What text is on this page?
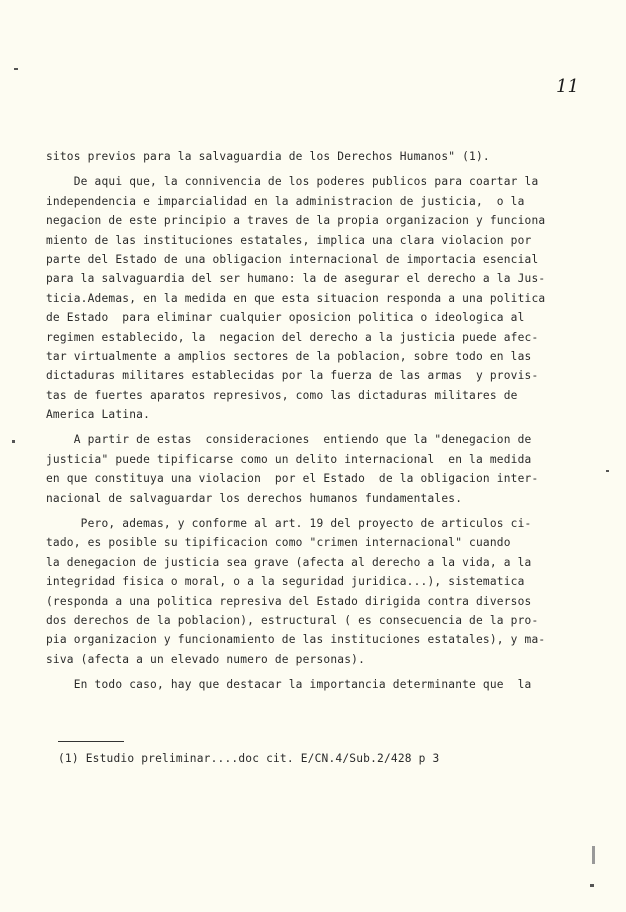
11
sitos previos para la salvaguardia de los Derechos Humanos" (1).
De aqui que, la connivencia de los poderes publicos para coartar la
independencia e imparcialidad en la administracion de justicia,  o la
negacion de este principio a traves de la propia organizacion y funciona
miento de las instituciones estatales, implica una clara violacion por
parte del Estado de una obligacion internacional de importacia esencial
para la salvaguardia del ser humano: la de asegurar el derecho a la Jus-
ticia.Ademas, en la medida en que esta situacion responda a una politica
de Estado  para eliminar cualquier oposicion politica o ideologica al
regimen establecido, la  negacion del derecho a la justicia puede afec-
tar virtualmente a amplios sectores de la poblacion, sobre todo en las
dictaduras militares establecidas por la fuerza de las armas  y provis-
tas de fuertes aparatos represivos, como las dictaduras militares de
America Latina.
A partir de estas  consideraciones  entiendo que la "denegacion de
justicia" puede tipificarse como un delito internacional  en la medida
en que constituya una violacion  por el Estado  de la obligacion inter-
nacional de salvaguardar los derechos humanos fundamentales.
Pero, ademas, y conforme al art. 19 del proyecto de articulos ci-
tado, es posible su tipificacion como "crimen internacional" cuando
la denegacion de justicia sea grave (afecta al derecho a la vida, a la
integridad fisica o moral, o a la seguridad juridica...), sistematica
(responda a una politica represiva del Estado dirigida contra diversos
dos derechos de la poblacion), estructural ( es consecuencia de la pro-
pia organizacion y funcionamiento de las instituciones estatales), y ma-
siva (afecta a un elevado numero de personas).
En todo caso, hay que destacar la importancia determinante que  la
(1) Estudio preliminar....doc cit. E/CN.4/Sub.2/428 p 3
